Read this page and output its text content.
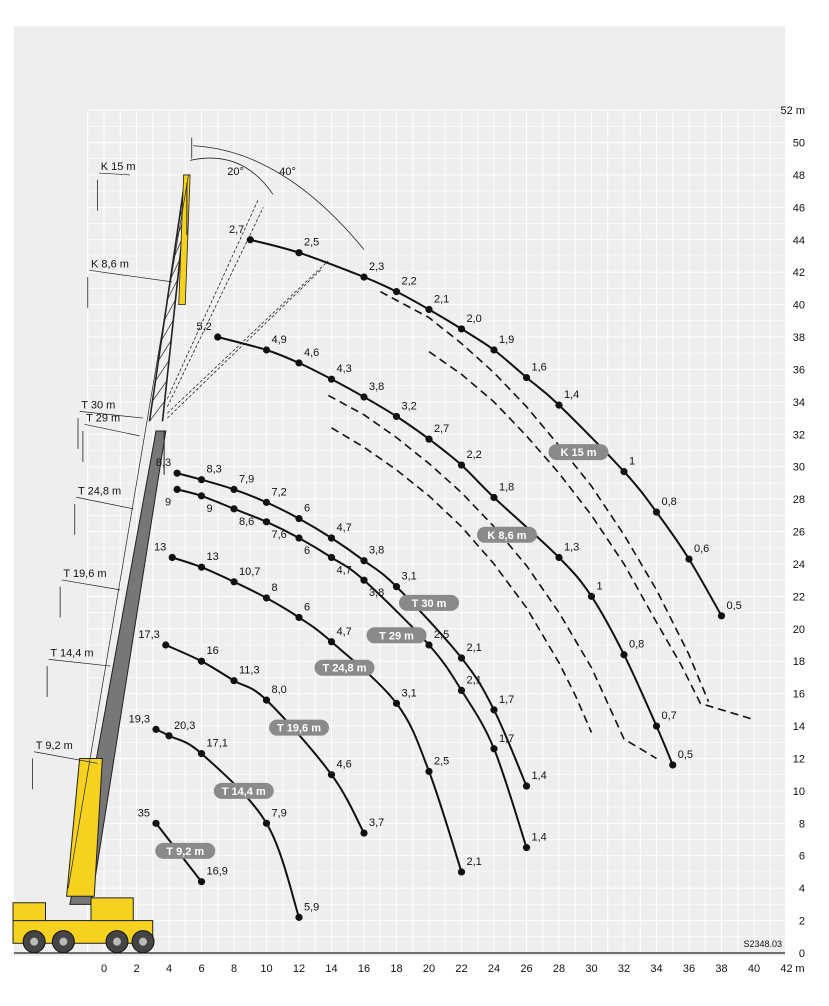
20°	40°
K 15 m
K 8,6 m
T 30 m
T 29 m
T 24,8 m
T 19,6 m
T 14,4 m
T 9,2 m
35
16,9
19,3
20,3
17,1
7,9
5,9
17,3
16
11,3
8,0
4,6
3,7
13
13
10,7
8
6
4,7
3,1
2,5
2,1
9
9
8,6
7,6
6
4,7
3,8
2,5
2,1
1,7
1,4
8,3
8,3
7,9
7,2
6
4,7
3,8
3,1
2,1
1,7
1,4
5,2
4,9
4,6
4,3
3,8
3,2
2,7
2,2
1,8
1,3
1
0,8
0,7
0,5
2,7
2,5
2,3
2,2
2,1
2,0
1,9
1,6
1,4
1
0,8
0,6
0,5
T 9,2 m
T 14,4 m
T 19,6 m
T 24,8 m
T 29 m
T 30 m
K 8,6 m
K 15 m
0 2 4 6 8 10 12 14 16 18 20 22 24 26 28 30 32 34 36 38 40 42 m
0
2
4
6
8
10
12
14
16
18
20
22
24
26
28
30
32
34
36
38
40
42
44
46
48
50
52 m
S2348.03
